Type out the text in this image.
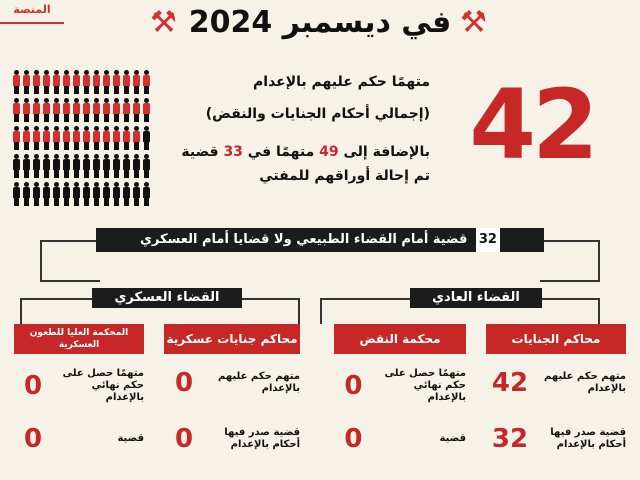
المنصة	⚒ في ديسمبر 2024 ⚒
42
متهمًا حكم عليهم بالإعدام
(إجمالي أحكام الجنايات والنقض)
بالإضافة إلى 49 متهمًا في 33 قضية
تم إحالة أوراقهم للمفتي
32 قضية أمام القضاء الطبيعي ولا قضايا أمام العسكري
القضاء العادي
القضاء العسكري
محاكم الجنايات
42	متهم حكم عليهم بالإعدام
32	قضية صدر فيها أحكام بالإعدام
محكمة النقض
0	متهمًا حصل على حكم نهائي بالإعدام
0	قضية
محاكم جنايات عسكرية
0	متهم حكم عليهم بالإعدام
0	قضية صدر فيها أحكام بالإعدام
المحكمة العليا للطعون العسكرية
0	متهمًا حصل على حكم نهائي بالإعدام
0	قضية
